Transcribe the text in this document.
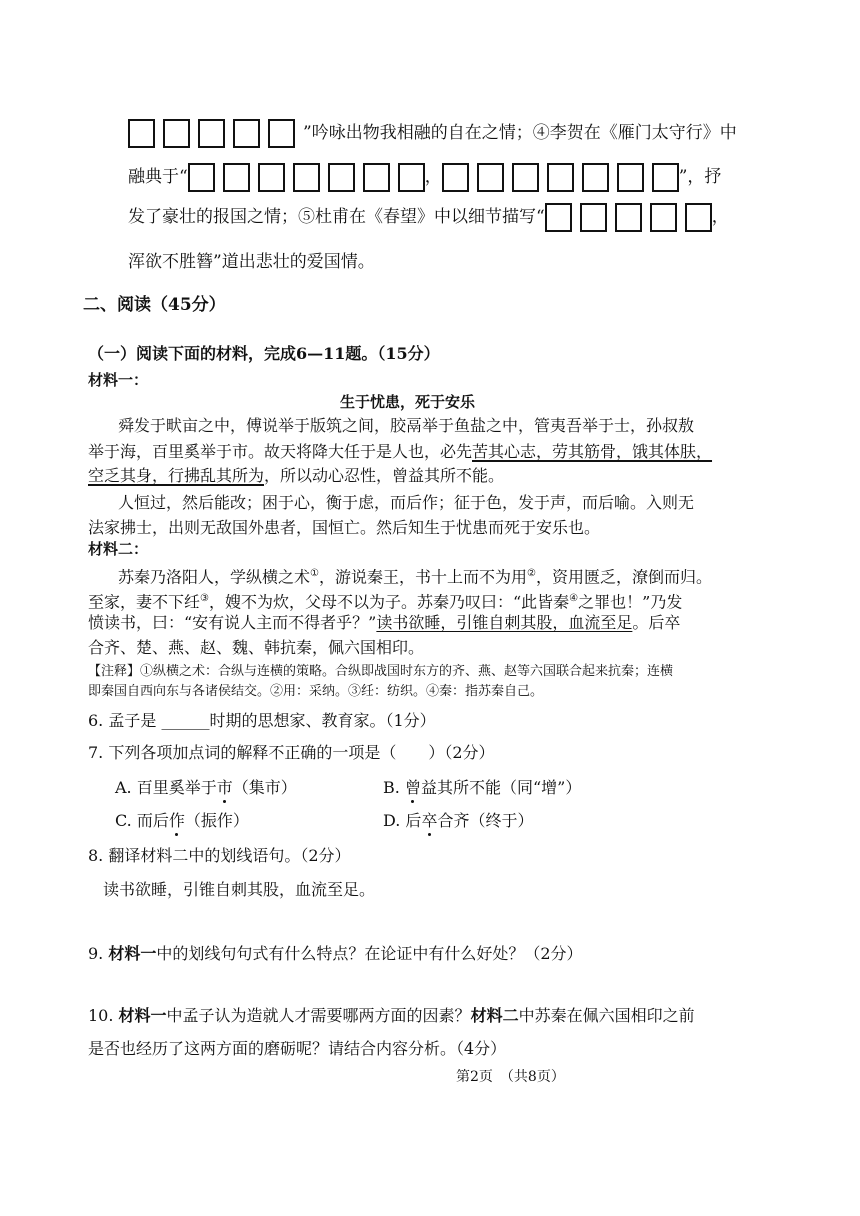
”吟咏出物我相融的自在之情；④李贺在《雁门太守行》中
融典于“	，	”，抒
发了豪壮的报国之情；⑤杜甫在《春望》中以细节描写“	，
浑欲不胜簪”道出悲壮的爱国情。
二、阅读（45分）
（一）阅读下面的材料，完成6—11题。（15分）
材料一：
生于忧患，死于安乐
舜发于畎亩之中，傅说举于版筑之间，胶鬲举于鱼盐之中，管夷吾举于士，孙叔敖
举于海，百里奚举于市。故天将降大任于是人也，必先苦其心志，劳其筋骨，饿其体肤，
空乏其身，行拂乱其所为，所以动心忍性，曾益其所不能。
人恒过，然后能改；困于心，衡于虑，而后作；征于色，发于声，而后喻。入则无
法家拂士，出则无敌国外患者，国恒亡。然后知生于忧患而死于安乐也。
材料二：
苏秦乃洛阳人，学纵横之术①，游说秦王，书十上而不为用②，资用匮乏，潦倒而归。
至家，妻不下纴③，嫂不为炊，父母不以为子。苏秦乃叹曰：“此皆秦④之罪也！”乃发
愤读书，曰：“安有说人主而不得者乎？”读书欲睡，引锥自刺其股，血流至足。后卒
合齐、楚、燕、赵、魏、韩抗秦，佩六国相印。
【注释】①纵横之术：合纵与连横的策略。合纵即战国时东方的齐、燕、赵等六国联合起来抗秦；连横
即秦国自西向东与各诸侯结交。②用：采纳。③纴：纺织。④秦：指苏秦自己。
6. 孟子是 ______时期的思想家、教育家。（1分）
7. 下列各项加点词的解释不正确的一项是（　　）（2分）
A. 百里奚举于市（集市）	B. 曾益其所不能（同“增”）
C. 而后作（振作）	D. 后卒合齐（终于）
8. 翻译材料二中的划线语句。（2分）
读书欲睡，引锥自刺其股，血流至足。
9. 材料一中的划线句句式有什么特点？在论证中有什么好处？（2分）
10. 材料一中孟子认为造就人才需要哪两方面的因素？材料二中苏秦在佩六国相印之前
是否也经历了这两方面的磨砺呢？请结合内容分析。（4分）
第2页　（共8页）
